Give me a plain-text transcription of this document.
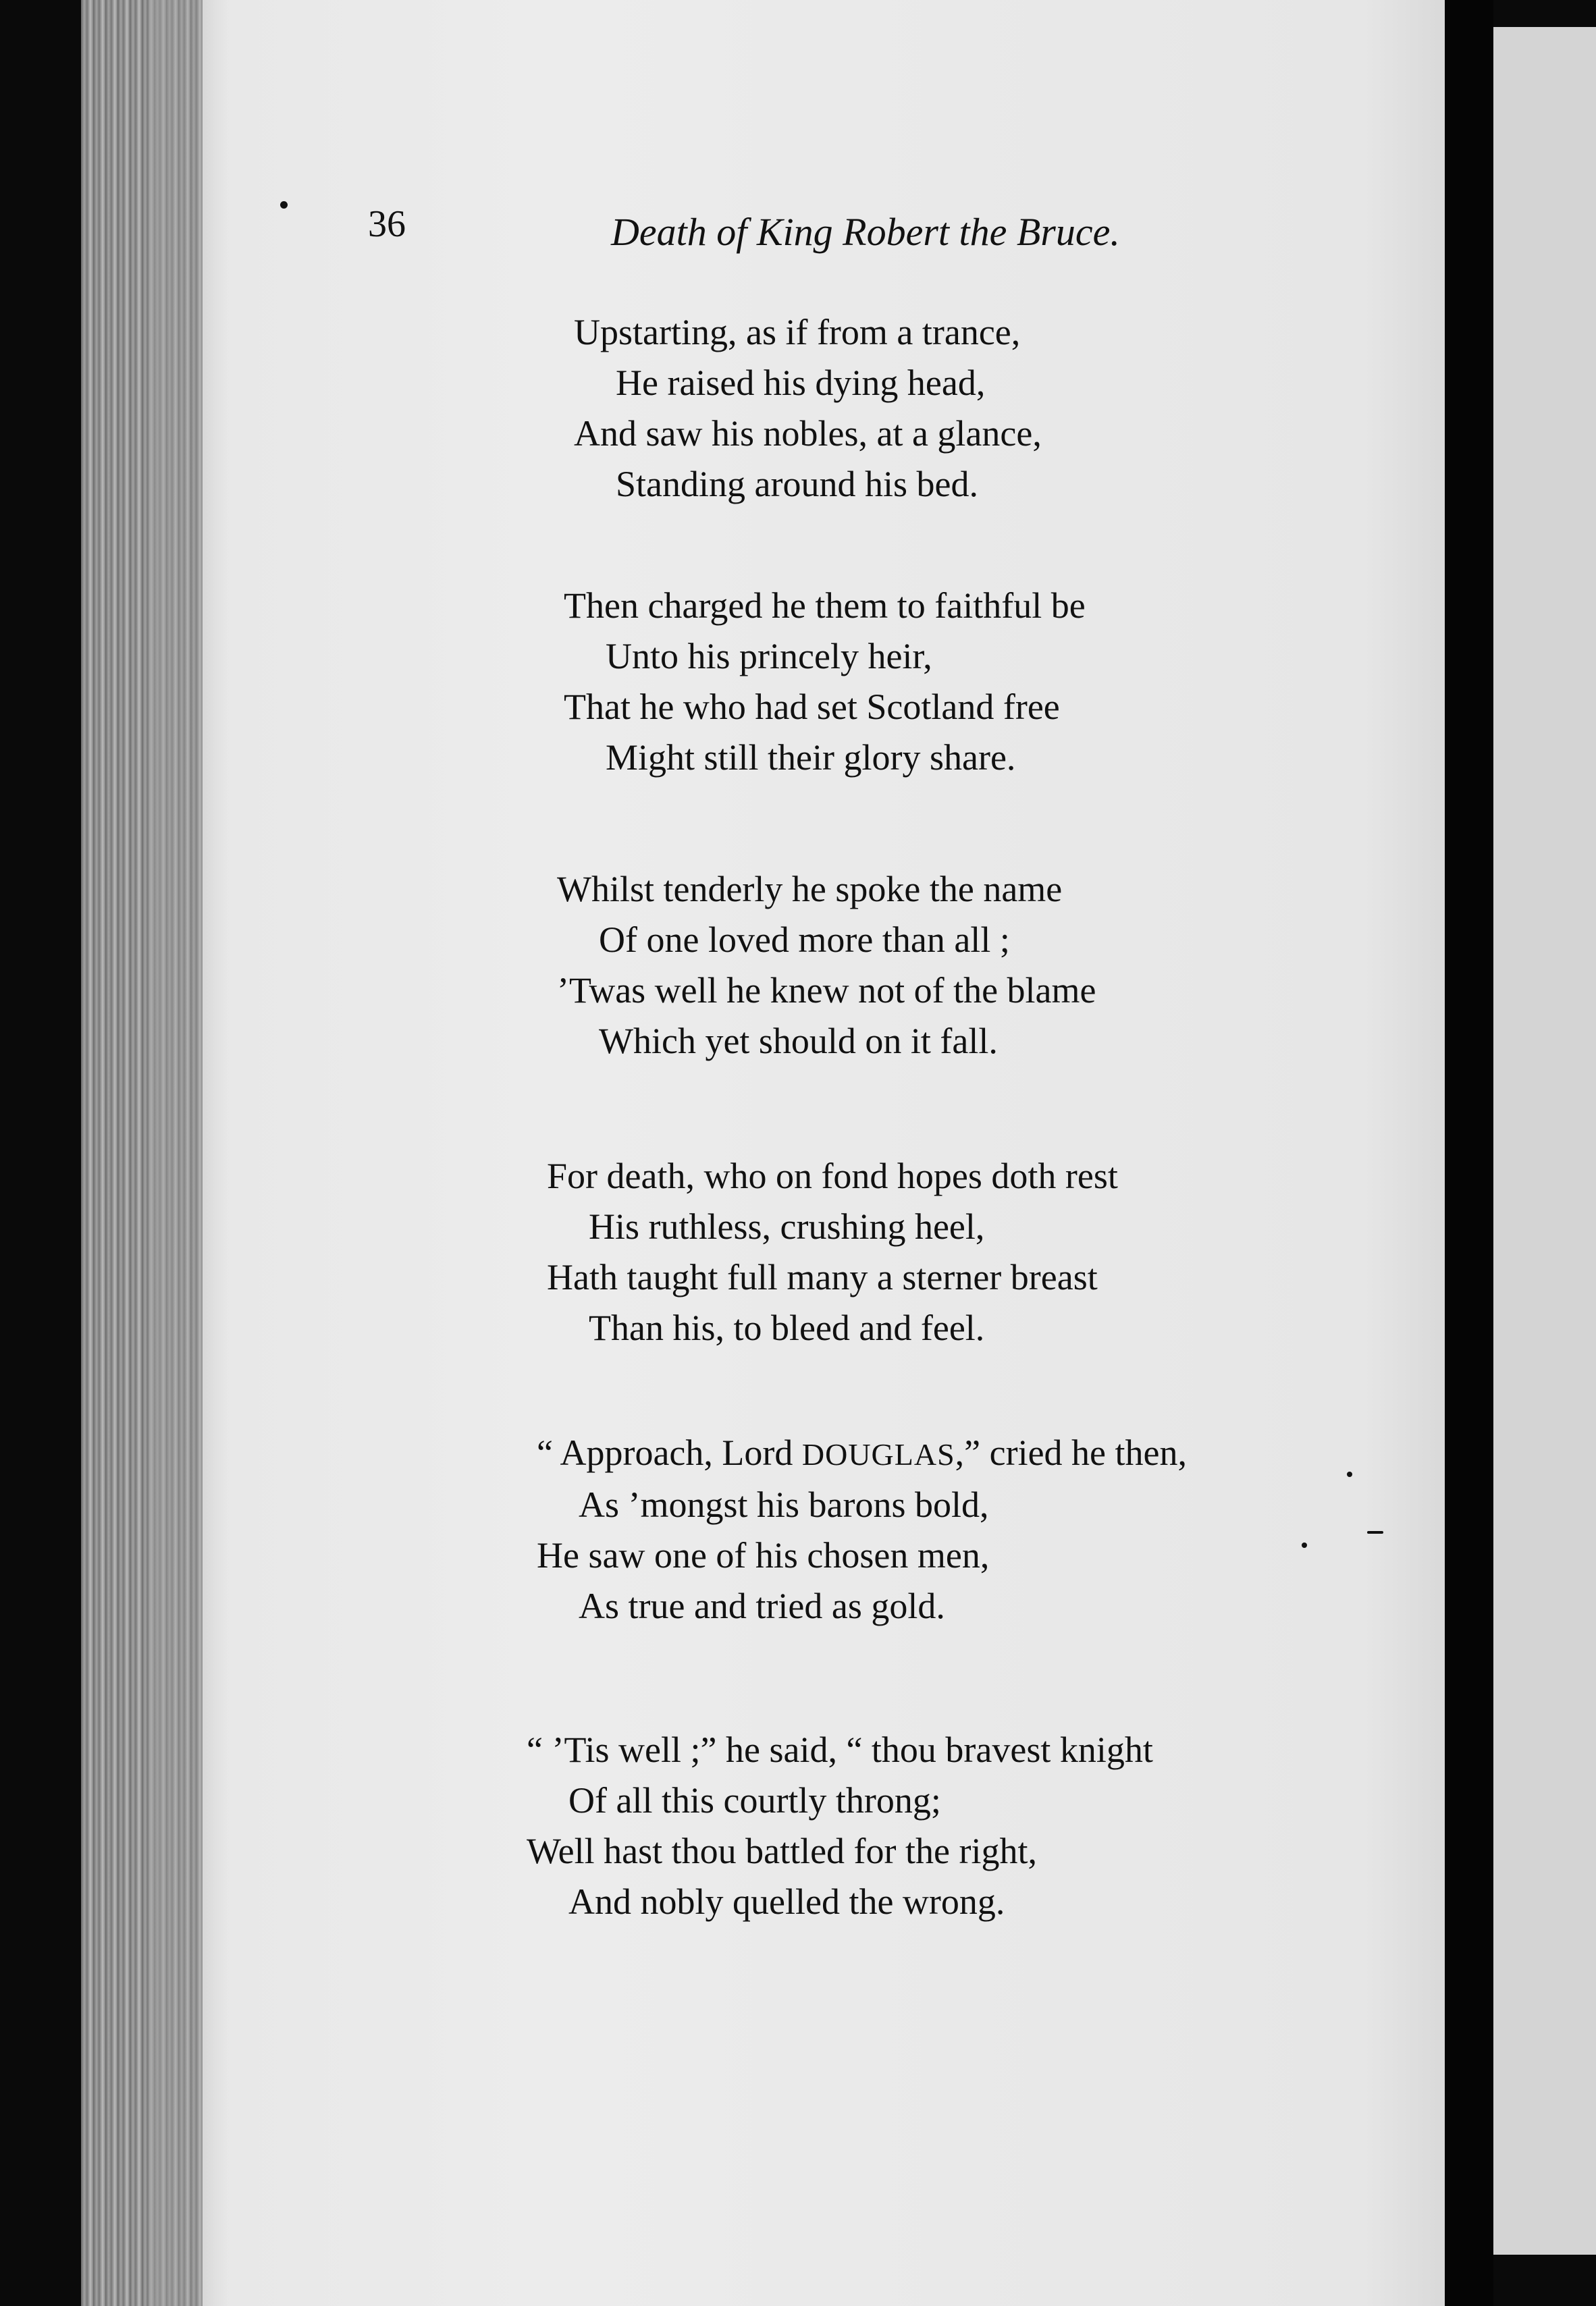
36	Death of King Robert the Bruce.
Upstarting, as if from a trance,
He raised his dying head,
And saw his nobles, at a glance,
Standing around his bed.
Then charged he them to faithful be
Unto his princely heir,
That he who had set Scotland free
Might still their glory share.
Whilst tenderly he spoke the name
Of one loved more than all ;
’Twas well he knew not of the blame
Which yet should on it fall.
For death, who on fond hopes doth rest
His ruthless, crushing heel,
Hath taught full many a sterner breast
Than his, to bleed and feel.
“ Approach, Lord DOUGLAS,” cried he then,
As ’mongst his barons bold,
He saw one of his chosen men,
As true and tried as gold.
“ ’Tis well ;” he said, “ thou bravest knight
Of all this courtly throng;
Well hast thou battled for the right,
And nobly quelled the wrong.
